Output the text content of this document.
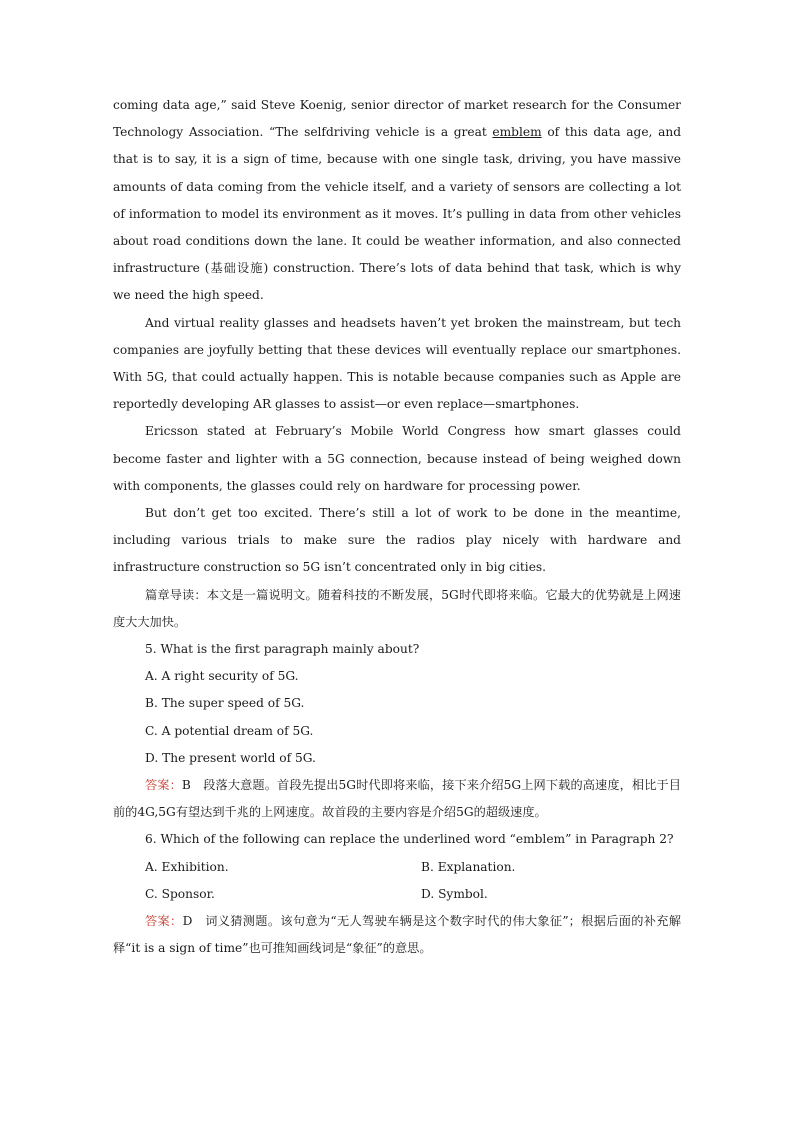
coming data age,” said Steve Koenig, senior director of market research for the Consumer Technology Association. “The selfdriving vehicle is a great emblem of this data age, and that is to say, it is a sign of time, because with one single task, driving, you have massive amounts of data coming from the vehicle itself, and a variety of sensors are collecting a lot of information to model its environment as it moves. It’s pulling in data from other vehicles about road conditions down the lane. It could be weather information, and also connected infrastructure (基础设施) construction. There’s lots of data behind that task, which is why we need the high speed.

And virtual reality glasses and headsets haven’t yet broken the mainstream, but tech companies are joyfully betting that these devices will eventually replace our smartphones. With 5G, that could actually happen. This is notable because companies such as Apple are reportedly developing AR glasses to assist—or even replace—smartphones.

Ericsson stated at February’s Mobile World Congress how smart glasses could become faster and lighter with a 5G connection, because instead of being weighed down with components, the glasses could rely on hardware for processing power.

But don’t get too excited. There’s still a lot of work to be done in the meantime, including various trials to make sure the radios play nicely with hardware and infrastructure construction so 5G isn’t concentrated only in big cities.

篇章导读：本文是一篇说明文。随着科技的不断发展，5G时代即将来临。它最大的优势就是上网速度大大加快。

5. What is the first paragraph mainly about?

A. A right security of 5G.

B. The super speed of 5G.

C. A potential dream of 5G.

D. The present world of 5G.

答案：B　段落大意题。首段先提出5G时代即将来临，接下来介绍5G上网下载的高速度，相比于目前的4G,5G有望达到千兆的上网速度。故首段的主要内容是介绍5G的超级速度。

6. Which of the following can replace the underlined word “emblem” in Paragraph 2?

A. Exhibition.	B. Explanation.
C. Sponsor.	D. Symbol.

答案：D　词义猜测题。该句意为“无人驾驶车辆是这个数字时代的伟大象征”；根据后面的补充解释“it is a sign of time”也可推知画线词是“象征”的意思。
